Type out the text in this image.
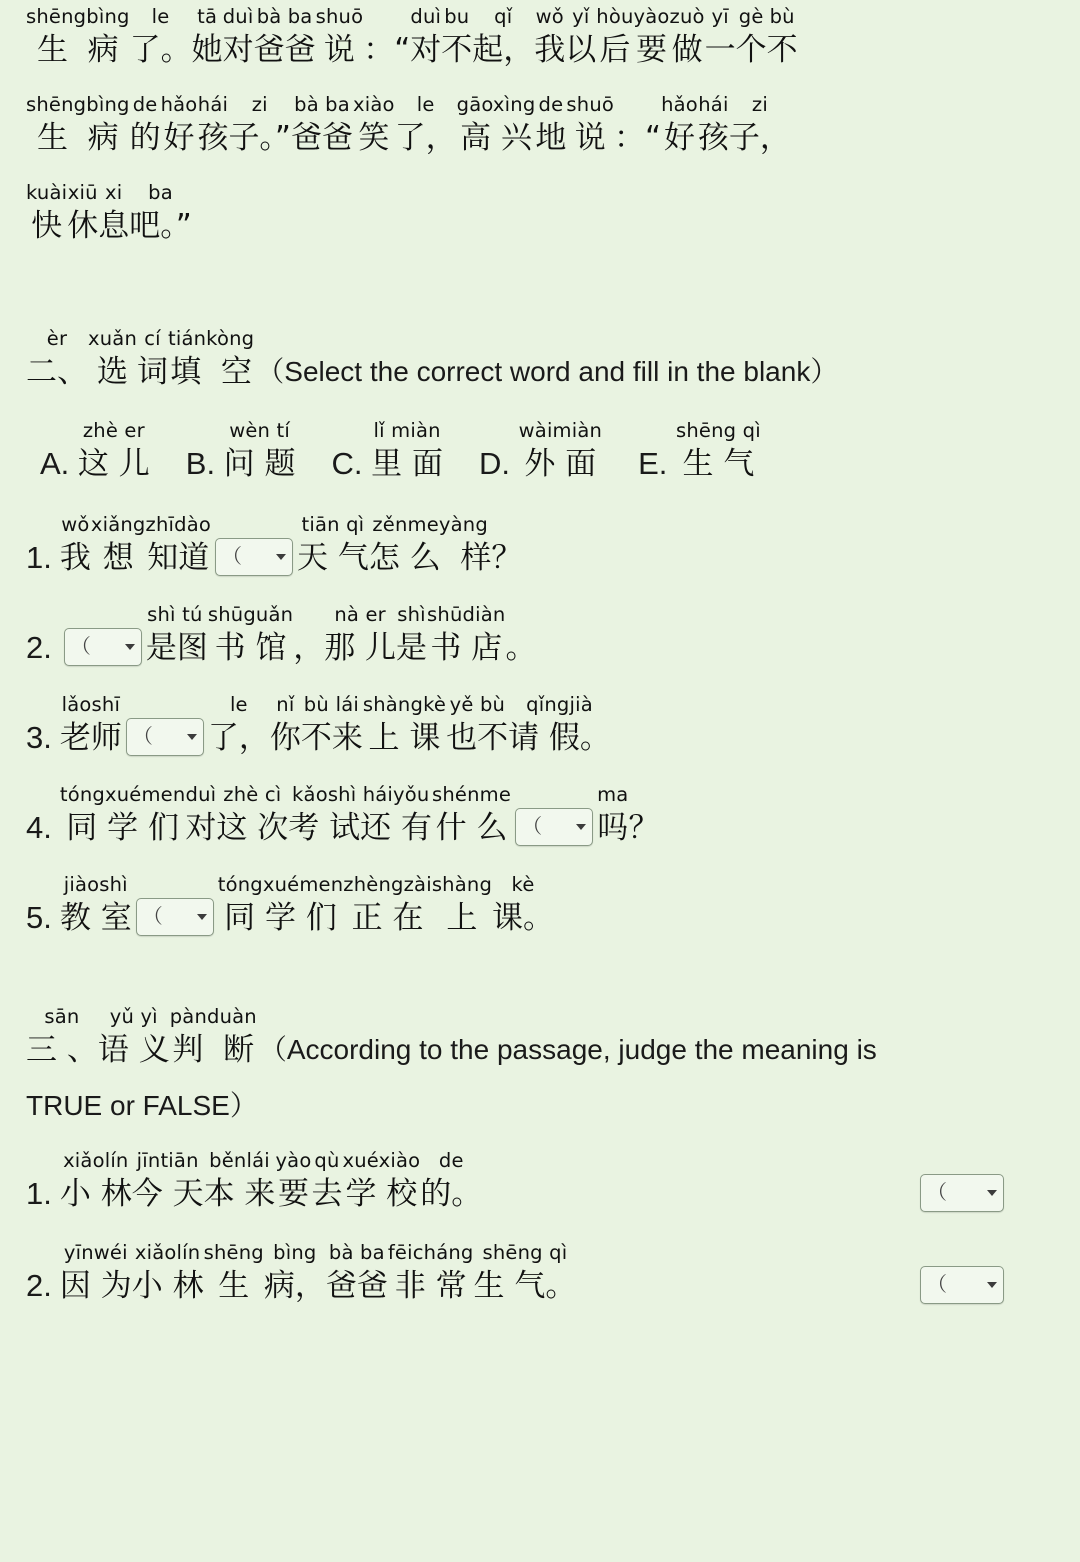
shēngbìng
生  病
le
了。
tā
她
duì
对
bà
爸
ba
爸
shuō
说 ：“
duì
对
bu
不
qǐ
起，
wǒ
我
yǐ
以
hòu
后
yào
要
zuò
做
yī
一
gè
个
bù
不
shēngbìng
生  病
de
的
hǎo
好
hái
孩
zi
子。”
bà
爸
ba
爸
xiào
笑
le
了，
gāoxìng
高 兴
de
地
shuō
说 ：“
hǎo
好
hái
孩
zi
子，
kuài
快
xiū
休
xi
息
ba
吧。”
èr
二、
xuǎn
选
cí
词
tiánkòng
填  空 （Select the correct word and fill in the blank）
A.
zhè er
这 儿 B.
wèn tí
问 题 C.
lǐ miàn
里 面 D.
wàimiàn
外 面 E.
shēng qì
生 气
1.
wǒ
我
xiǎng
想
zhīdào
知道 （
tiān qì
天 气
zěnmeyàng
怎 么  样 ？
2. （
shì
是
tú
图
shūguǎn
书 馆 ，
nà er
那 儿
shì
是
shūdiàn
书 店 。
3.
lǎoshī
老师 （
le
了，
nǐ
你
bù
不
lái
来
shàngkè
上 课
yě
也
bù
不
qǐngjià
请 假。
4.
tóngxuémen
同 学 们
duì
对
zhè cì
这 次
kǎoshì
考 试
háiyǒu
还 有
shénme
什 么 （
ma
吗 ？
5.
jiàoshì
教 室 （
tóngxuémen
同 学 们
zhèngzài
正 在
shàng
上
kè
课。
sān
三 、
yǔ yì
语 义
pànduàn
判  断 （According to the passage, judge the meaning is
TRUE or FALSE）
1.
xiǎolín
小 林
jīntiān
今 天
běnlái
本 来
yào
要
qù
去
xuéxiào
学 校
de
的。	（
2.
yīnwéi
因 为
xiǎolín
小 林
shēng
生
bìng
病，
bà ba
爸爸
fēicháng
非 常
shēng qì
生 气。	（
